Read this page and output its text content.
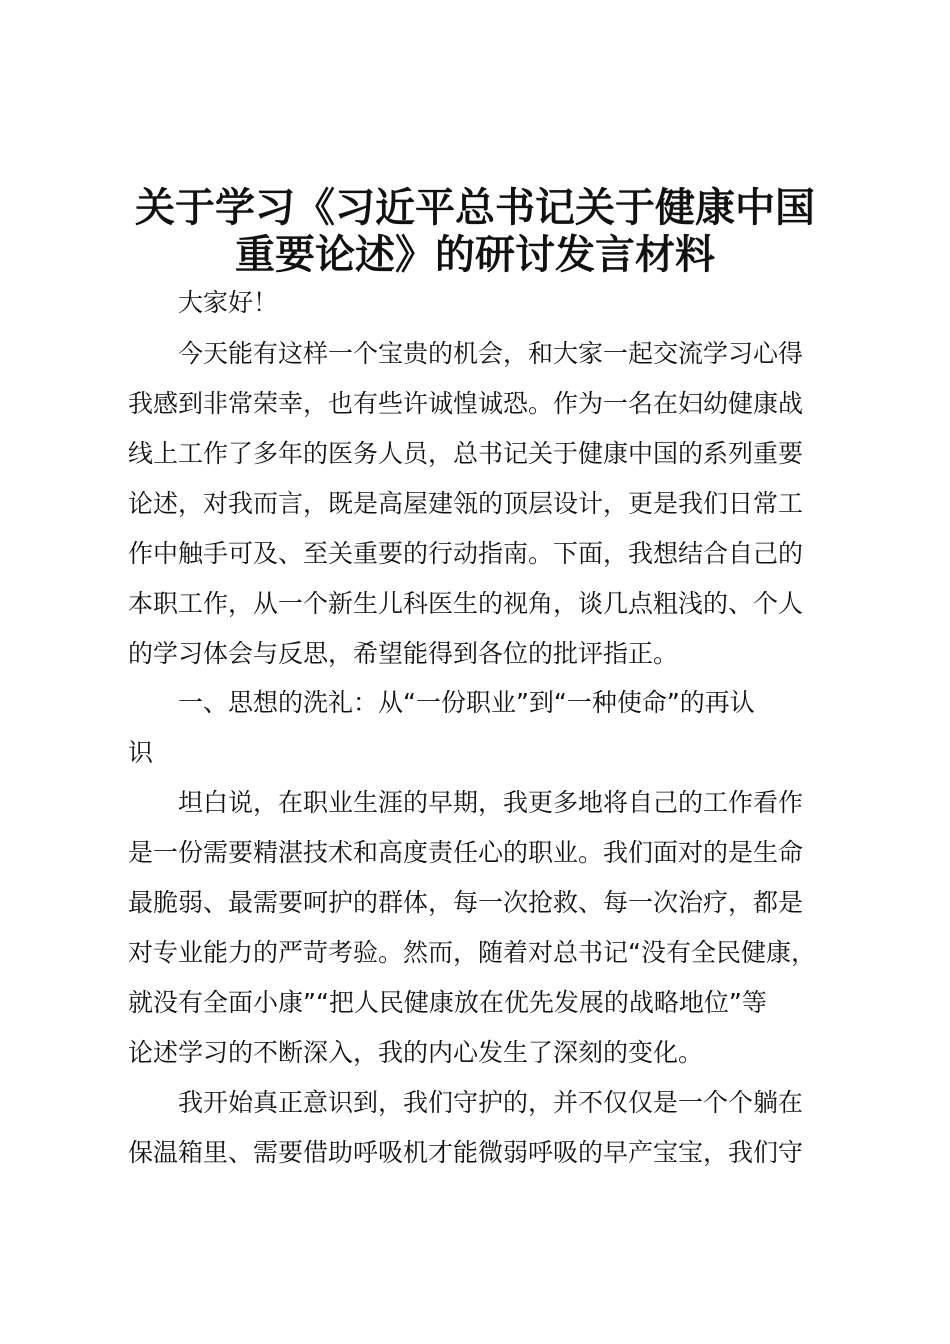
关于学习《习近平总书记关于健康中国
重要论述》的研讨发言材料
大家好！
今天能有这样一个宝贵的机会，和大家一起交流学习心得
我感到非常荣幸，也有些许诚惶诚恐。作为一名在妇幼健康战
线上工作了多年的医务人员，总书记关于健康中国的系列重要
论述，对我而言，既是高屋建瓴的顶层设计，更是我们日常工
作中触手可及、至关重要的行动指南。下面，我想结合自己的
本职工作，从一个新生儿科医生的视角，谈几点粗浅的、个人
的学习体会与反思，希望能得到各位的批评指正。
一、思想的洗礼：从“一份职业”到“一种使命”的再认
识
坦白说，在职业生涯的早期，我更多地将自己的工作看作
是一份需要精湛技术和高度责任心的职业。我们面对的是生命
最脆弱、最需要呵护的群体，每一次抢救、每一次治疗，都是
对专业能力的严苛考验。然而，随着对总书记“没有全民健康，
就没有全面小康”“把人民健康放在优先发展的战略地位”等
论述学习的不断深入，我的内心发生了深刻的变化。
我开始真正意识到，我们守护的，并不仅仅是一个个躺在
保温箱里、需要借助呼吸机才能微弱呼吸的早产宝宝，我们守
